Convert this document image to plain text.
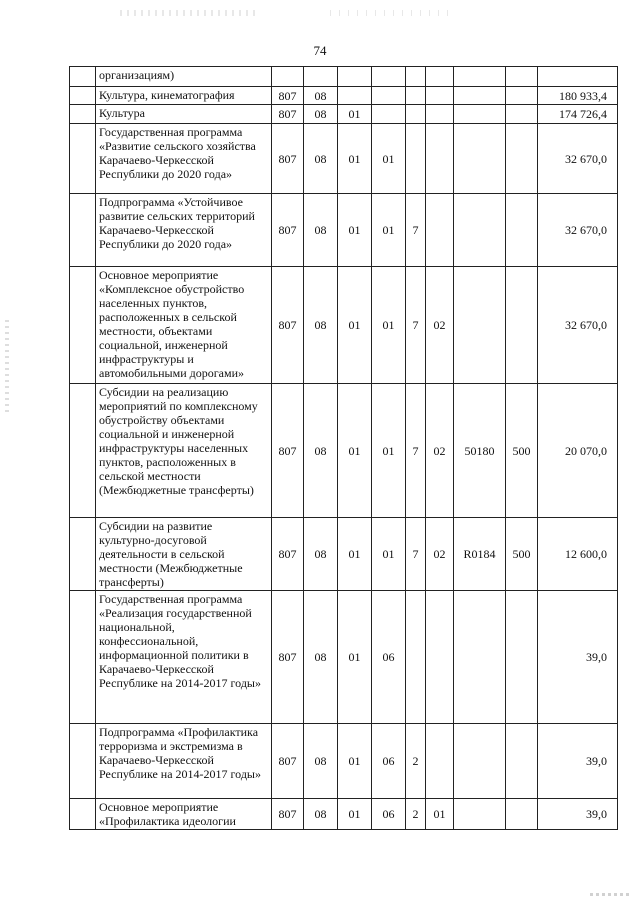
74
	организациям)									
	Культура, кинематография	807	08							180 933,4
	Культура	807	08	01						174 726,4
	Государственная программа «Развитие сельского хозяйства Карачаево-Черкесской Республики до 2020 года»	807	08	01	01					32 670,0
	Подпрограмма «Устойчивое развитие сельских территорий Карачаево-Черкесской Республики до 2020 года»	807	08	01	01	7				32 670,0
	Основное мероприятие «Комплексное обустройство населенных пунктов, расположенных в сельской местности, объектами социальной, инженерной инфраструктуры и автомобильными дорогами»	807	08	01	01	7	02			32 670,0
	Субсидии на реализацию мероприятий по комплексному обустройству объектами социальной и инженерной инфраструктуры населенных пунктов, расположенных в сельской местности (Межбюджетные трансферты)	807	08	01	01	7	02	50180	500	20 070,0
	Субсидии на развитие культурно-досуговой деятельности в сельской местности (Межбюджетные трансферты)	807	08	01	01	7	02	R0184	500	12 600,0
	Государственная программа «Реализация государственной национальной, конфессиональной, информационной политики в Карачаево-Черкесской Республике на 2014-2017 годы»	807	08	01	06					39,0
	Подпрограмма «Профилактика терроризма и экстремизма в Карачаево-Черкесской Республике на 2014-2017 годы»	807	08	01	06	2				39,0
	Основное мероприятие «Профилактика идеологии	807	08	01	06	2	01			39,0
